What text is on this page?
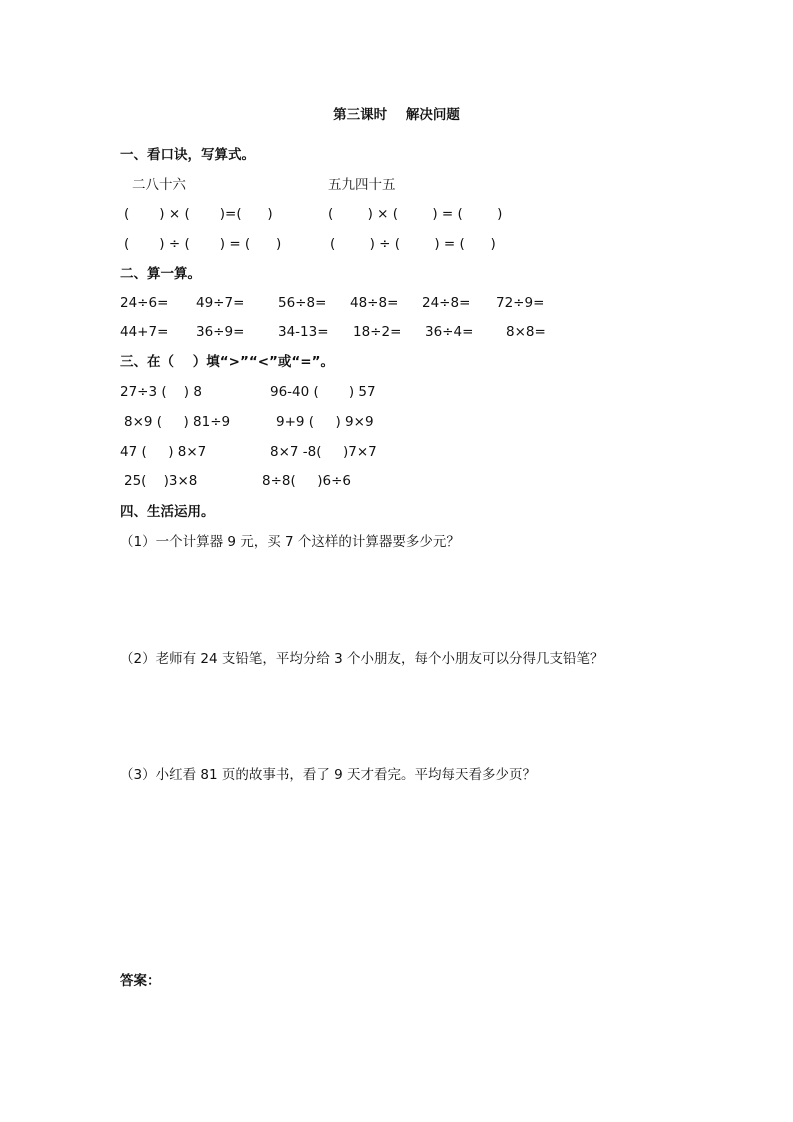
第三课时    解决问题
一、看口诀，写算式。
二八十六	五九四十五
(       ) × (       )=(      )	(        ) × (        ) = (        )
(       ) ÷ (       ) = (      )	(        ) ÷ (        ) = (      )
二、算一算。
24÷6= 49÷7= 56÷8= 48÷8= 24÷8= 72÷9=
44+7= 36÷9= 34-13= 18÷2= 36÷4= 8×8=
三、在（    ）填“>”“<”或“=”。
27÷3 (    ) 8	96-40 (       ) 57
8×9 (     ) 81÷9	9+9 (     ) 9×9
47 (     ) 8×7	8×7 -8(     )7×7
25(    )3×8	8÷8(     )6÷6
四、生活运用。
（1）一个计算器 9 元，买 7 个这样的计算器要多少元？
（2）老师有 24 支铅笔，平均分给 3 个小朋友，每个小朋友可以分得几支铅笔？
（3）小红看 81 页的故事书，看了 9 天才看完。平均每天看多少页？
答案：
